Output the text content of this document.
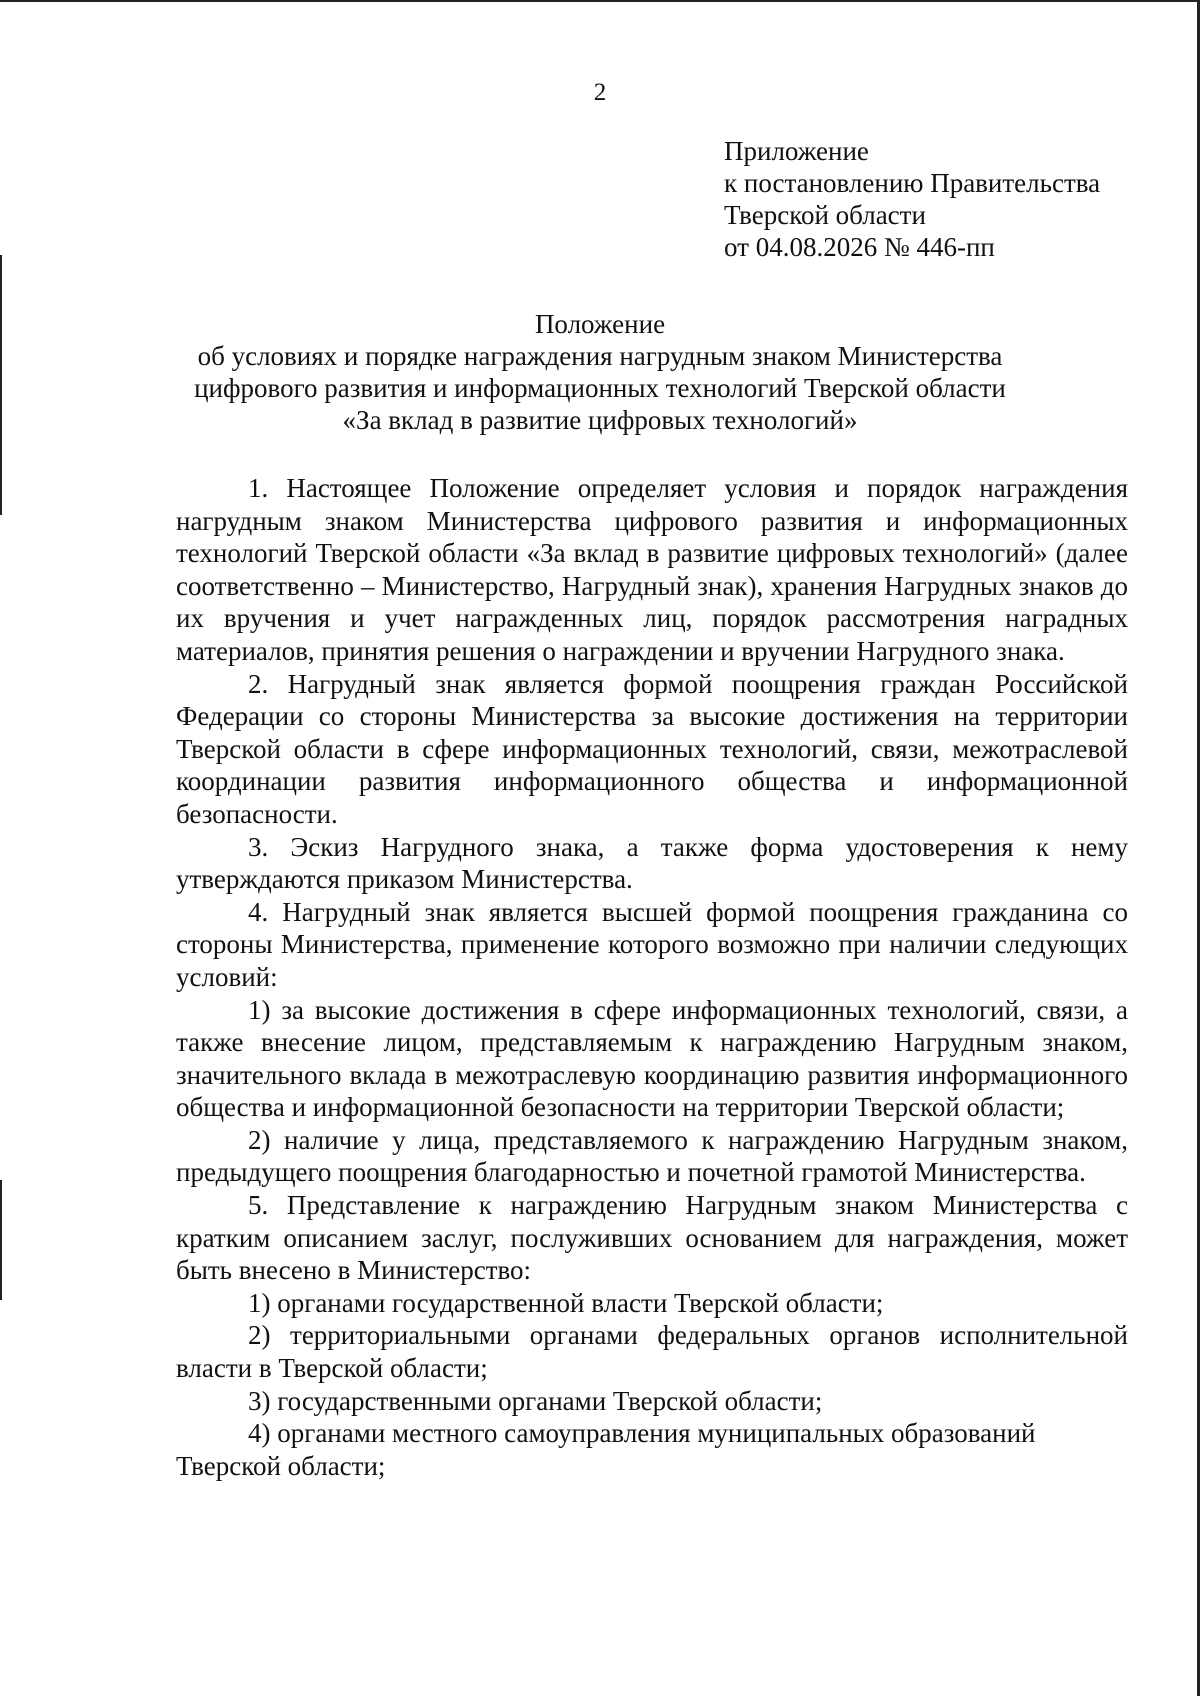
2
Приложение
к постановлению Правительства
Тверской области
от 04.08.2026 № 446-пп
Положение
об условиях и порядке награждения нагрудным знаком Министерства
цифрового развития и информационных технологий Тверской области
«За вклад в развитие цифровых технологий»

1. Настоящее Положение определяет условия и порядок награждения нагрудным знаком Министерства цифрового развития и информационных технологий Тверской области «За вклад в развитие цифровых технологий» (далее соответственно – Министерство, Нагрудный знак), хранения Нагрудных знаков до их вручения и учет награжденных лиц, порядок рассмотрения наградных материалов, принятия решения о награждении и вручении Нагрудного знака.

2. Нагрудный знак является формой поощрения граждан Российской Федерации со стороны Министерства за высокие достижения на территории Тверской области в сфере информационных технологий, связи, межотраслевой координации развития информационного общества и информационной безопасности.

3. Эскиз Нагрудного знака, а также форма удостоверения к нему утверждаются приказом Министерства.

4. Нагрудный знак является высшей формой поощрения гражданина со стороны Министерства, применение которого возможно при наличии следующих условий:

1) за высокие достижения в сфере информационных технологий, связи, а также внесение лицом, представляемым к награждению Нагрудным знаком, значительного вклада в межотраслевую координацию развития информационного общества и информационной безопасности на территории Тверской области;

2) наличие у лица, представляемого к награждению Нагрудным знаком, предыдущего поощрения благодарностью и почетной грамотой Министерства.

5. Представление к награждению Нагрудным знаком Министерства с кратким описанием заслуг, послуживших основанием для награждения, может быть внесено в Министерство:

1) органами государственной власти Тверской области;

2) территориальными органами федеральных органов исполнительной власти в Тверской области;

3) государственными органами Тверской области;

4) органами местного самоуправления муниципальных образований Тверской области;
